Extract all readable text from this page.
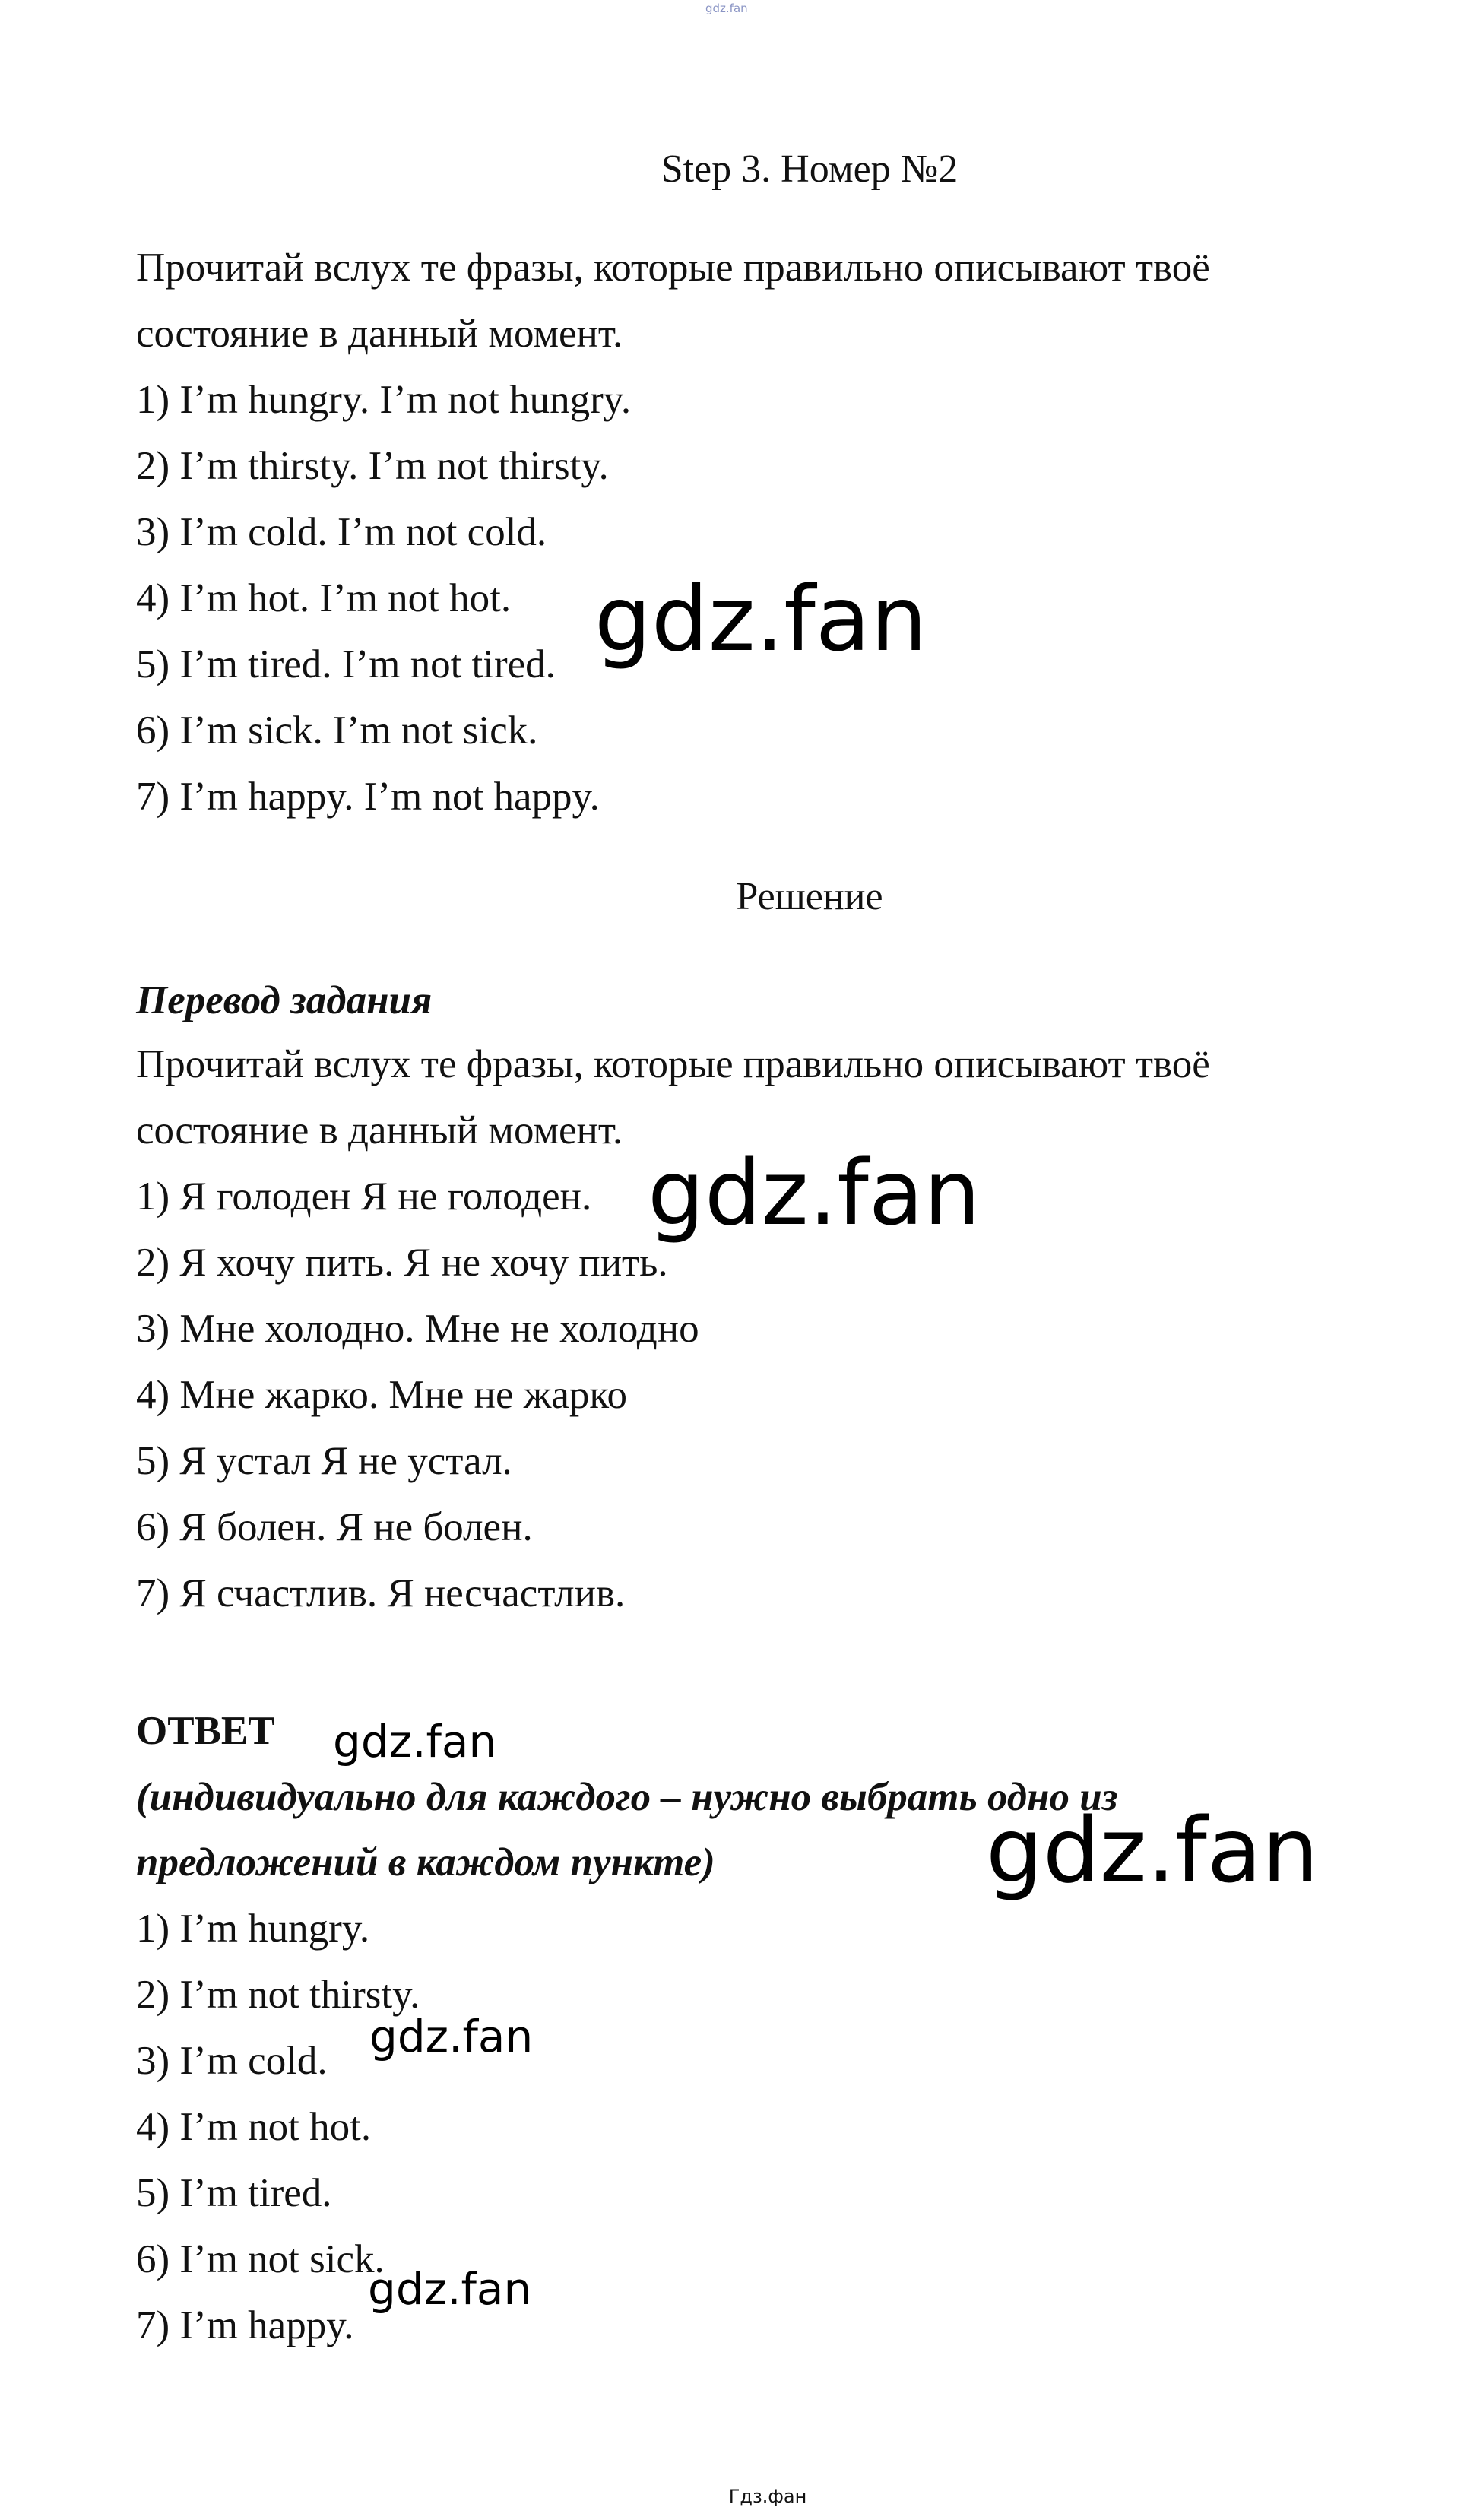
gdz.fan
Step 3. Номер №2
Прочитай вслух те фразы, которые правильно описывают твоё
состояние в данный момент.
1) I’m hungry. I’m not hungry.
2) I’m thirsty. I’m not thirsty.
3) I’m cold. I’m not cold.
4) I’m hot. I’m not hot.
5) I’m tired. I’m not tired.
6) I’m sick. I’m not sick.
7) I’m happy. I’m not happy.
Решение
Перевод задания
Прочитай вслух те фразы, которые правильно описывают твоё
состояние в данный момент.
1) Я голоден Я не голоден.
2) Я хочу пить. Я не хочу пить.
3) Мне холодно. Мне не холодно
4) Мне жарко. Мне не жарко
5) Я устал Я не устал.
6) Я болен. Я не болен.
7) Я счастлив. Я несчастлив.
ОТВЕТ
(индивидуально для каждого – нужно выбрать одно из
предложений в каждом пункте)
1) I’m hungry.
2) I’m not thirsty.
3) I’m cold.
4) I’m not hot.
5) I’m tired.
6) I’m not sick.
7) I’m happy.
gdz.fan
gdz.fan
gdz.fan
gdz.fan
gdz.fan
gdz.fan
Гдз.фан
